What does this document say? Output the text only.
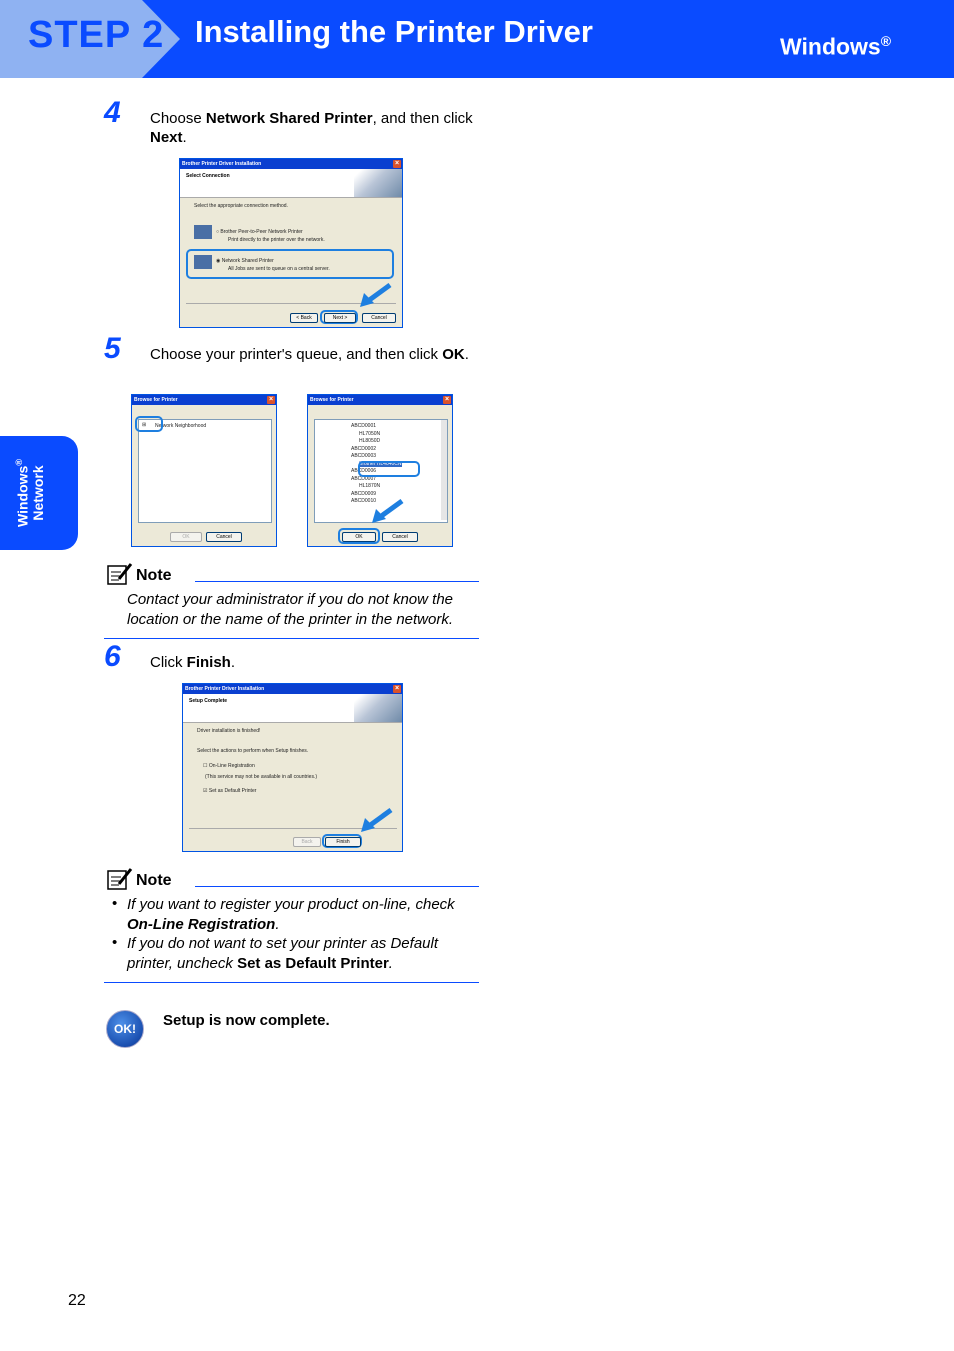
STEP 2 Installing the Printer Driver	Windows®
Windows®
Network
4 Choose Network Shared Printer, and then click Next.
Brother Printer Driver Installation	×
Select Connection
Select the appropriate connection method.
○ Brother Peer-to-Peer Network Printer
Print directly to the printer over the network.
◉ Network Shared Printer
All Jobs are sent to queue on a central server.
< Back	Next >	Cancel
5 Choose your printer's queue, and then click OK.
Browse for Printer	×
Network Neighborhood
⊞
OK	Cancel
Browse for Printer	×
ABCD0001
HL7050N
HL8050D
ABCD0002
ABCD0003
Brother HL4040CN
ABCD0006
ABCD0007
HL1870N
ABCD0009
ABCD0010
OK	Cancel
Note
Contact your administrator if you do not know the location or the name of the printer in the network.
6 Click Finish.
Brother Printer Driver Installation	×
Setup Complete
Driver installation is finished!
Select the actions to perform when Setup finishes.
☐ On-Line Registration
(This service may not be available in all countries.)
☑ Set as Default Printer
Back	Finish
Note
• If you want to register your product on-line, check On-Line Registration.
• If you do not want to set your printer as Default printer, uncheck Set as Default Printer.
OK!	Setup is now complete.
22
